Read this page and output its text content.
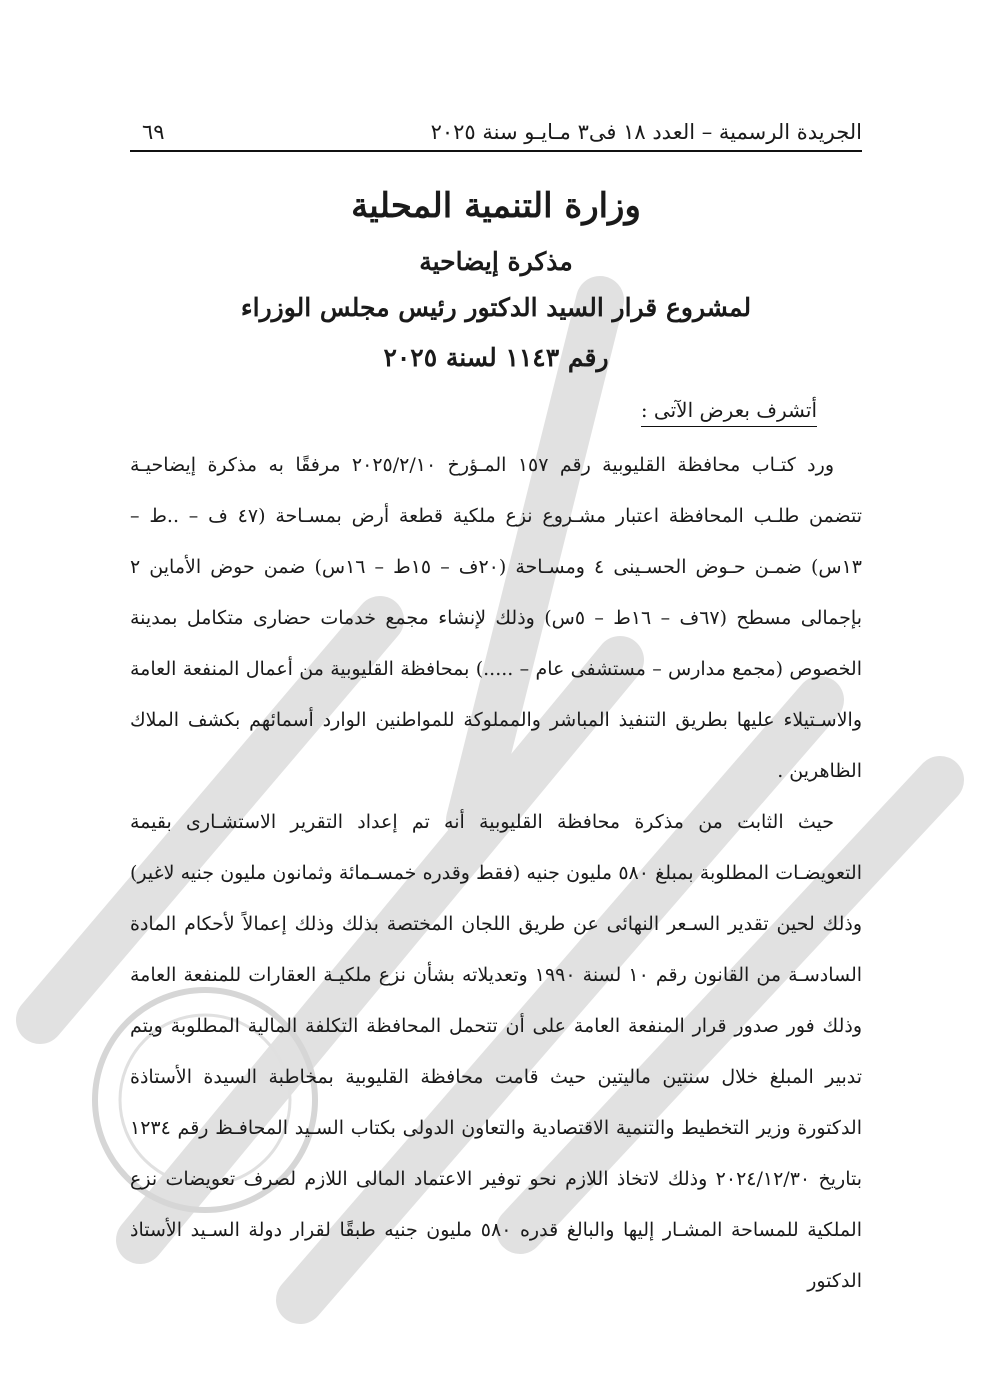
الجريدة الرسمية – العدد ١٨ فى٣ مـايـو سنة ٢٠٢٥
٦٩
وزارة التنمية المحلية
مذكرة إيضاحية
لمشروع قرار السيد الدكتور رئيس مجلس الوزراء
رقم ١١٤٣ لسنة ٢٠٢٥
أتشرف بعرض الآتى :

ورد كتـاب محافظة القليوبية رقم ١٥٧ المـؤرخ ٢٠٢٥/٢/١٠ مرفقًا به مذكرة إيضاحيـة تتضمن طلـب المحافظة اعتبار مشـروع نزع ملكية قطعة أرض بمسـاحة (٤٧ ف – ..ط – ١٣س) ضمـن حـوض الحسـينى ٤ ومسـاحة (٢٠ف – ١٥ط – ١٦س) ضمن حوض الأماين ٢ بإجمالى مسطح (٦٧ف – ١٦ط – ٥س) وذلك لإنشاء مجمع خدمات حضارى متكامل بمدينة الخصوص (مجمع مدارس – مستشفى عام – .....) بمحافظة القليوبية من أعمال المنفعة العامة والاسـتيلاء عليها بطريق التنفيذ المباشر والمملوكة للمواطنين الوارد أسمائهم بكشف الملاك الظاهرين .

حيث الثابت من مذكرة محافظة القليوبية أنه تم إعداد التقرير الاستشـارى بقيمة التعويضـات المطلوبة بمبلغ ٥٨٠ مليون جنيه (فقط وقدره خمسـمائة وثمانون مليون جنيه لاغير) وذلك لحين تقدير السـعر النهائى عن طريق اللجان المختصة بذلك وذلك إعمالاً لأحكام المادة السادسـة من القانون رقم ١٠ لسنة ١٩٩٠ وتعديلاته بشأن نزع ملكيـة العقارات للمنفعة العامة وذلك فور صدور قرار المنفعة العامة على أن تتحمل المحافظة التكلفة المالية المطلوبة ويتم تدبير المبلغ خلال سنتين ماليتين حيث قامت محافظة القليوبية بمخاطبة السيدة الأستاذة الدكتورة وزير التخطيط والتنمية الاقتصادية والتعاون الدولى بكتاب السـيد المحافـظ رقم ١٢٣٤ بتاريخ ٢٠٢٤/١٢/٣٠ وذلك لاتخاذ اللازم نحو توفير الاعتماد المالى اللازم لصرف تعويضات نزع الملكية للمساحة المشـار إليها والبالغ قدره ٥٨٠ مليون جنيه طبقًا لقرار دولة السـيد الأستاذ الدكتور
